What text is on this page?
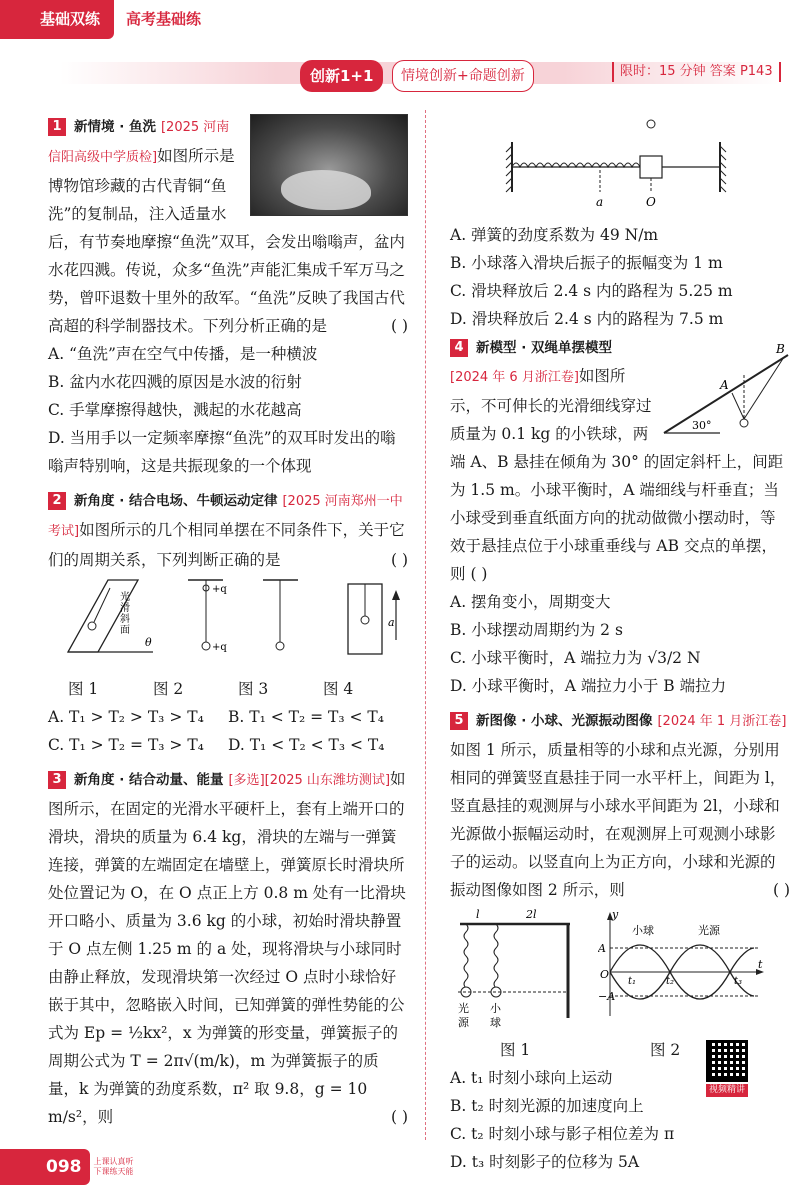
基础双练	高考基础练
创新1+1	情境创新+命题创新	限时：15 分钟 答案 P143
1 新情境 · 鱼洗 [2025 河南信阳高级中学质检]如图所示是博物馆珍藏的古代青铜“鱼洗”的复制品，注入适量水后，有节奏地摩擦“鱼洗”双耳，会发出嗡嗡声，盆内水花四溅。传说，众多“鱼洗”声能汇集成千军万马之势，曾吓退数十里外的敌军。“鱼洗”反映了我国古代高超的科学制器技术。下列分析正确的是	( )
A. “鱼洗”声在空气中传播，是一种横波
B. 盆内水花四溅的原因是水波的衍射
C. 手掌摩擦得越快，溅起的水花越高
D. 当用手以一定频率摩擦“鱼洗”的双耳时发出的嗡嗡声特别响，这是共振现象的一个体现
2 新角度 · 结合电场、牛顿运动定律 [2025 河南郑州一中考试]如图所示的几个相同单摆在不同条件下，关于它们的周期关系，下列判断正确的是	( )
光滑斜面
θ
+q
+q
a
图 1	图 2	图 3	图 4
A. T₁ > T₂ > T₃ > T₄	B. T₁ < T₂ = T₃ < T₄
C. T₁ > T₂ = T₃ > T₄	D. T₁ < T₂ < T₃ < T₄
3 新角度 · 结合动量、能量 [多选][2025 山东潍坊测试]如图所示，在固定的光滑水平硬杆上，套有上端开口的滑块，滑块的质量为 6.4 kg，滑块的左端与一弹簧连接，弹簧的左端固定在墙壁上，弹簧原长时滑块所处位置记为 O，在 O 点正上方 0.8 m 处有一比滑块开口略小、质量为 3.6 kg 的小球，初始时滑块静置于 O 点左侧 1.25 m 的 a 处，现将滑块与小球同时由静止释放，发现滑块第一次经过 O 点时小球恰好嵌于其中，忽略嵌入时间，已知弹簧的弹性势能的公式为 Ep = ½kx²，x 为弹簧的形变量，弹簧振子的周期公式为 T = 2π√(m/k)，m 为弹簧振子的质量，k 为弹簧的劲度系数，π² 取 9.8，g = 10 m/s²，则	( )
a	O
A. 弹簧的劲度系数为 49 N/m
B. 小球落入滑块后振子的振幅变为 1 m
C. 滑块释放后 2.4 s 内的路程为 5.25 m
D. 滑块释放后 2.4 s 内的路程为 7.5 m
A
B
30°
4 新模型 · 双绳单摆模型 [2024 年 6 月浙江卷]如图所示，不可伸长的光滑细线穿过质量为 0.1 kg 的小铁球，两端 A、B 悬挂在倾角为 30° 的固定斜杆上，间距为 1.5 m。小球平衡时，A 端细线与杆垂直；当小球受到垂直纸面方向的扰动做微小摆动时，等效于悬挂点位于小球重垂线与 AB 交点的单摆，则 ( )
A. 摆角变小，周期变大
B. 小球摆动周期约为 2 s
C. 小球平衡时，A 端拉力为 √3/2 N
D. 小球平衡时，A 端拉力小于 B 端拉力
5 新图像 · 小球、光源振动图像 [2024 年 1 月浙江卷]如图 1 所示，质量相等的小球和点光源，分别用相同的弹簧竖直悬挂于同一水平杆上，间距为 l，竖直悬挂的观测屏与小球水平间距为 2l，小球和光源做小振幅运动时，在观测屏上可观测小球影子的运动。以竖直向上为正方向，小球和光源的振动图像如图 2 所示，则	( )
l	2l
光源
小球
y
t
A
−A
O
t₁	t₂	t₃
小球	光源
图 1	图 2
A. t₁ 时刻小球向上运动
B. t₂ 时刻光源的加速度向上
C. t₂ 时刻小球与影子相位差为 π
D. t₃ 时刻影子的位移为 5A
视频精讲
098	上课认真听 下课练天能
